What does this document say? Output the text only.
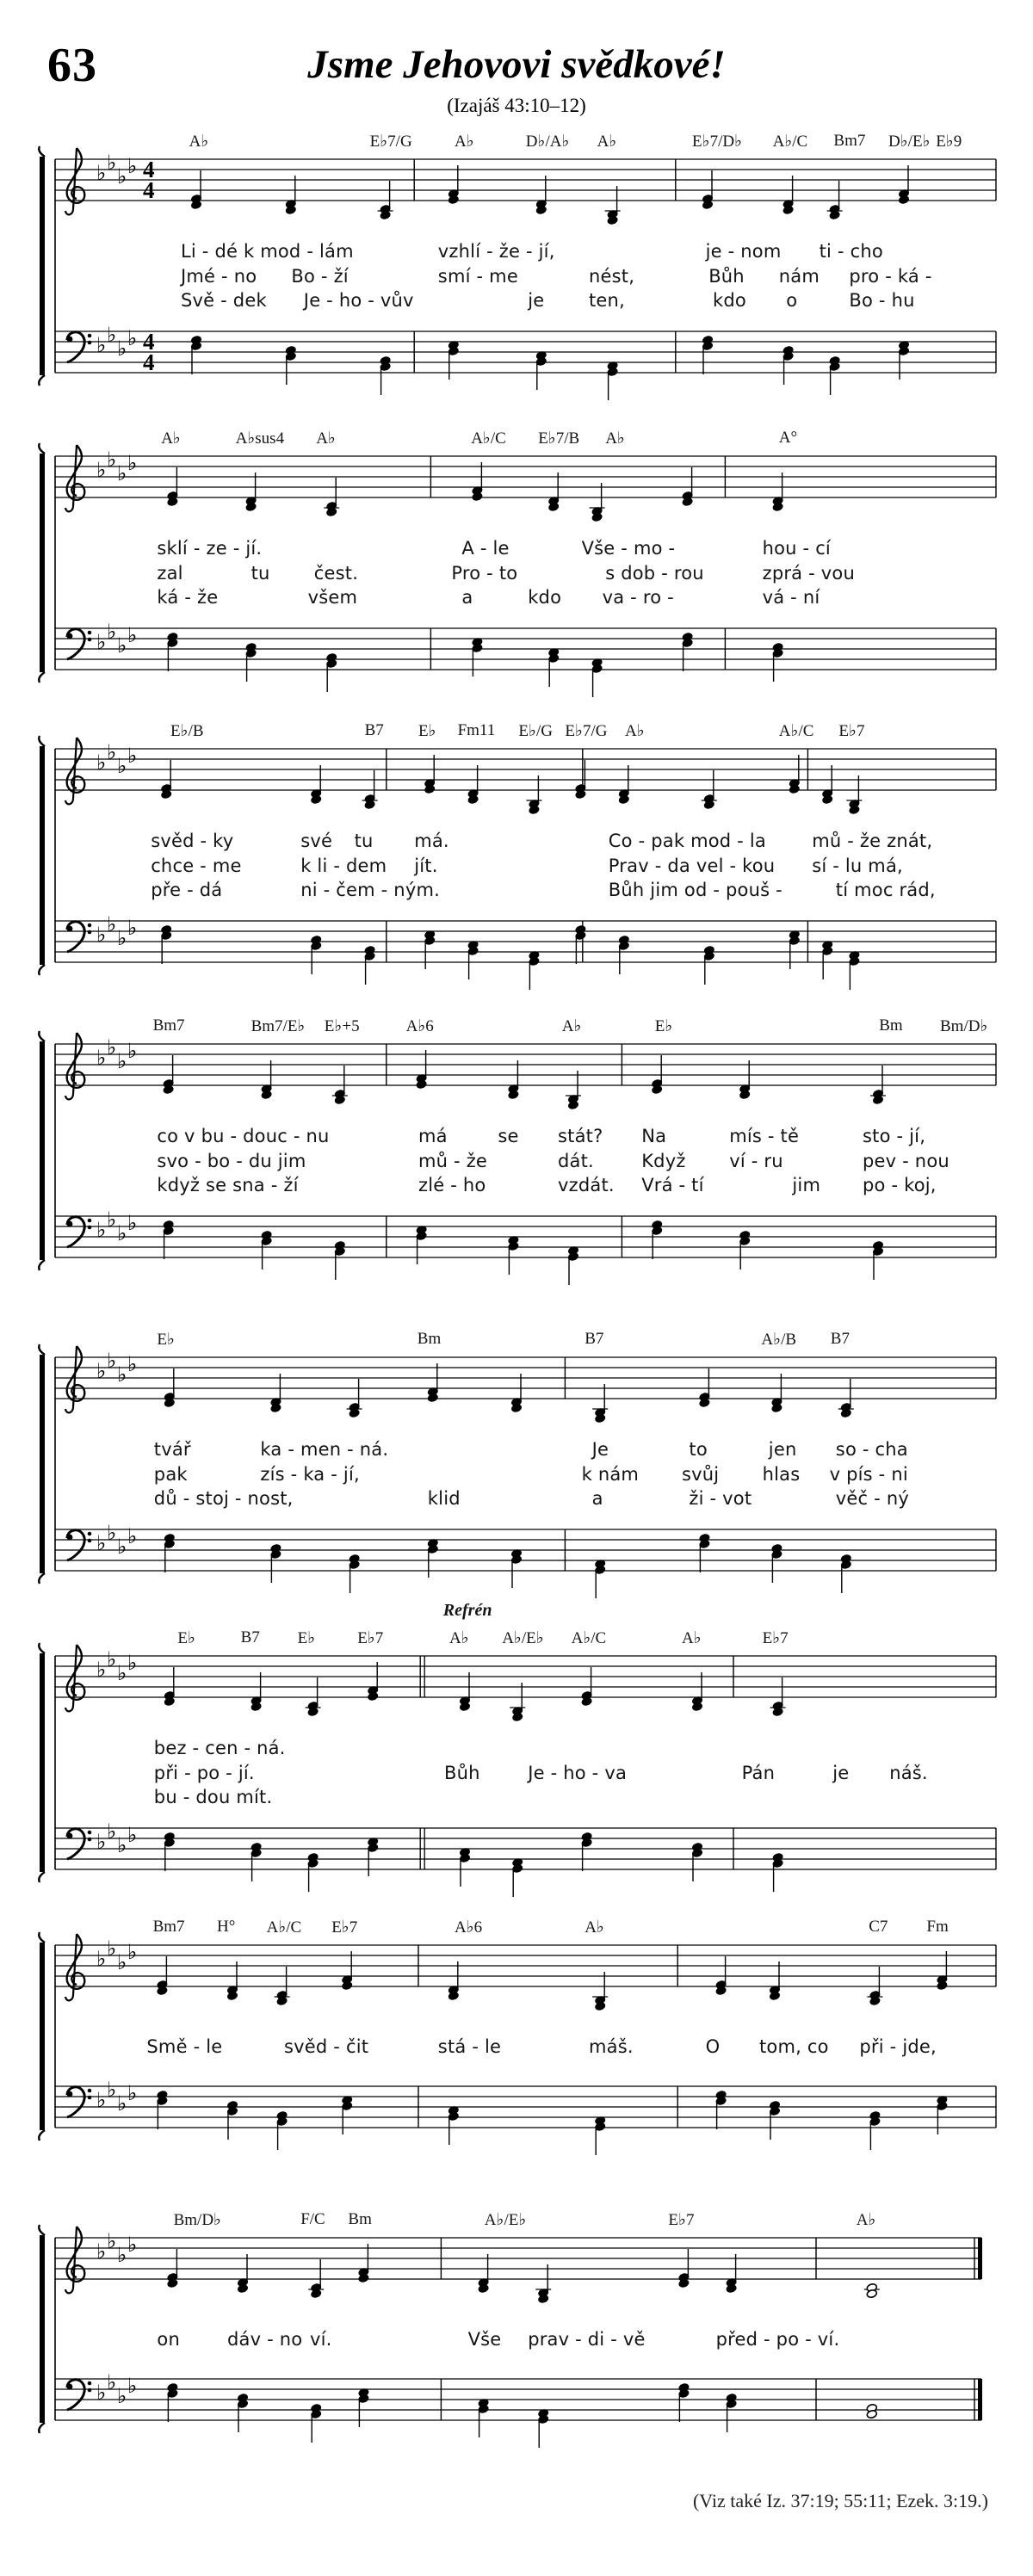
63	Jsme Jehovovi svědkové!
(Izajáš 43:10–12)
A♭	E♭7/G	A♭	D♭/A♭ A♭	E♭7/D♭ A♭/C Bm7 D♭/E♭ E♭9
Li - dé k mod - lám	vzhlí - že - jí,	je - nom ti - cho
Jmé - no Bo - ží	smí - me	nést,	Bůh nám pro - ká -
Svě - dek Je - ho - vův	je ten,	kdo o	Bo - hu
♭ ♭
♭ ♭
♭ ♭
♭ ♭
4
4
4
4
A♭	A♭sus4 A♭	A♭/C E♭7/B A♭	A°
sklí - ze - jí.	A - le	Vše - mo -	hou - cí
zal	tu čest.	Pro - to	s dob - rou	zprá - vou
ká - že	všem	a	kdo va - ro -	vá - ní
♭ ♭
♭ ♭
♭ ♭
♭ ♭
E♭/B	B7 E♭ Fm11 E♭/G E♭7/G A♭	A♭/C E♭7
svěd - ky	své tu má.	Co - pak mod - la	mů - že znát,
chce - me	k li - dem jít.	Prav - da vel - kou sí - lu má,
pře - dá	ni - čem - ným.	Bůh jim od - pouš -	tí moc rád,
♭ ♭
♭ ♭
♭ ♭
♭ ♭
Bm7	Bm7/E♭ E♭+5	A♭6	A♭	E♭	Bm Bm/D♭
co v bu - douc - nu	má	se stát? Na	mís - tě	sto - jí,
svo - bo - du jim	mů - že	dát.	Když ví - ru	pev - nou
když se sna - ží	zlé - ho	vzdát. Vrá - tí	jim po - koj,
♭ ♭
♭ ♭
♭ ♭
♭ ♭
E♭	Bm	B7	A♭/B B7
tvář	ka - men - ná.	Je	to	jen so - cha
pak	zís - ka - jí,	k nám svůj hlas v pís - ni
dů - stoj - nost,	klid	a	ži - vot	věč - ný
♭ ♭
♭ ♭
♭ ♭
♭ ♭
Refrén
E♭	B7 E♭	E♭7	A♭ A♭/E♭ A♭/C	A♭	E♭7
bez - cen - ná.
při - po - jí.	Bůh	Je - ho - va	Pán	je náš.
bu - dou mít.
♭ ♭
♭ ♭
♭ ♭
♭ ♭
Bm7 H° A♭/C E♭7	A♭6	A♭	C7 Fm
Smě - le	svěd - čit	stá - le	máš.	O tom, co při - jde,
♭ ♭
♭ ♭
♭ ♭
♭ ♭
Bm/D♭	F/C Bm	A♭/E♭	E♭7	A♭
on	dáv - no ví.	Vše prav - di - vě	před - po - ví.
♭ ♭
♭ ♭
♭ ♭
♭ ♭
(Viz také Iz. 37:19; 55:11; Ezek. 3:19.)
